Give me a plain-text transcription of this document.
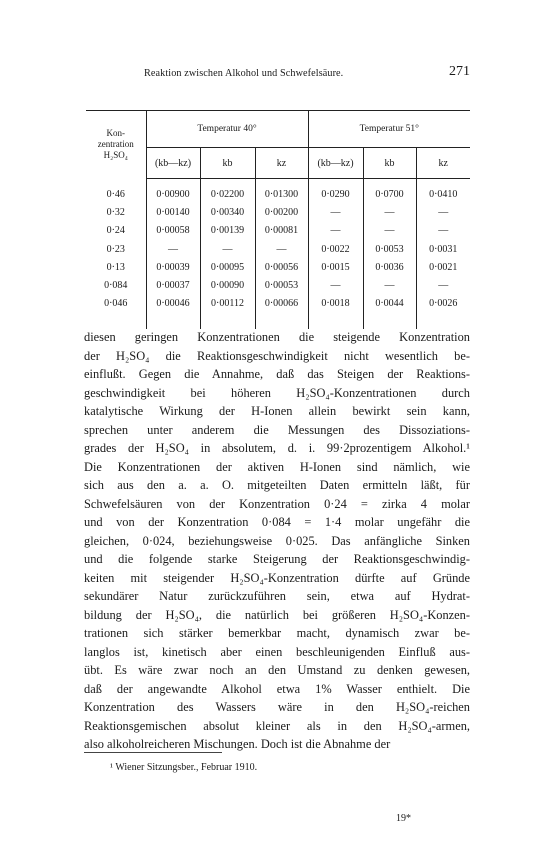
Reaktion zwischen Alkohol und Schwefelsäure.	271
Kon-
zentration
H₂SO₄	Temperatur 40°			Temperatur 51°		
	(kb—kz)	kb	kz	(kb—kz)	kb	kz

0·46	0·00900	0·02200	0·01300	0·0290	0·0700	0·0410
0·32	0·00140	0·00340	0·00200	—	—	—
0·24	0·00058	0·00139	0·00081	—	—	—
0·23	—	—	—	0·0022	0·0053	0·0031
0·13	0·00039	0·00095	0·00056	0·0015	0·0036	0·0021
0·084	0·00037	0·00090	0·00053	—	—	—
0·046	0·00046	0·00112	0·00066	0·0018	0·0044	0·0026

diesen geringen Konzentrationen die steigende Konzentration
der H₂SO₄ die Reaktionsgeschwindigkeit nicht wesentlich be-
einflußt. Gegen die Annahme, daß das Steigen der Reaktions-
geschwindigkeit bei höheren H₂SO₄-Konzentrationen durch
katalytische Wirkung der H-Ionen allein bewirkt sein kann,
sprechen unter anderem die Messungen des Dissoziations-
grades der H₂SO₄ in absolutem, d. i. 99·2prozentigem Alkohol.¹
Die Konzentrationen der aktiven H-Ionen sind nämlich, wie
sich aus den a. a. O. mitgeteilten Daten ermitteln läßt, für
Schwefelsäuren von der Konzentration 0·24 = zirka 4 molar
und von der Konzentration 0·084 = 1·4 molar ungefähr die
gleichen, 0·024, beziehungsweise 0·025. Das anfängliche Sinken
und die folgende starke Steigerung der Reaktionsgeschwindig-
keiten mit steigender H₂SO₄-Konzentration dürfte auf Gründe
sekundärer Natur zurückzuführen sein, etwa auf Hydrat-
bildung der H₂SO₄, die natürlich bei größeren H₂SO₄-Konzen-
trationen sich stärker bemerkbar macht, dynamisch zwar be-
langlos ist, kinetisch aber einen beschleunigenden Einfluß aus-
übt. Es wäre zwar noch an den Umstand zu denken gewesen,
daß der angewandte Alkohol etwa 1% Wasser enthielt. Die
Konzentration des Wassers wäre in den H₂SO₄-reichen
Reaktionsgemischen absolut kleiner als in den H₂SO₄-armen,
also alkoholreicheren Mischungen. Doch ist die Abnahme der
¹ Wiener Sitzungsber., Februar 1910.
19*
